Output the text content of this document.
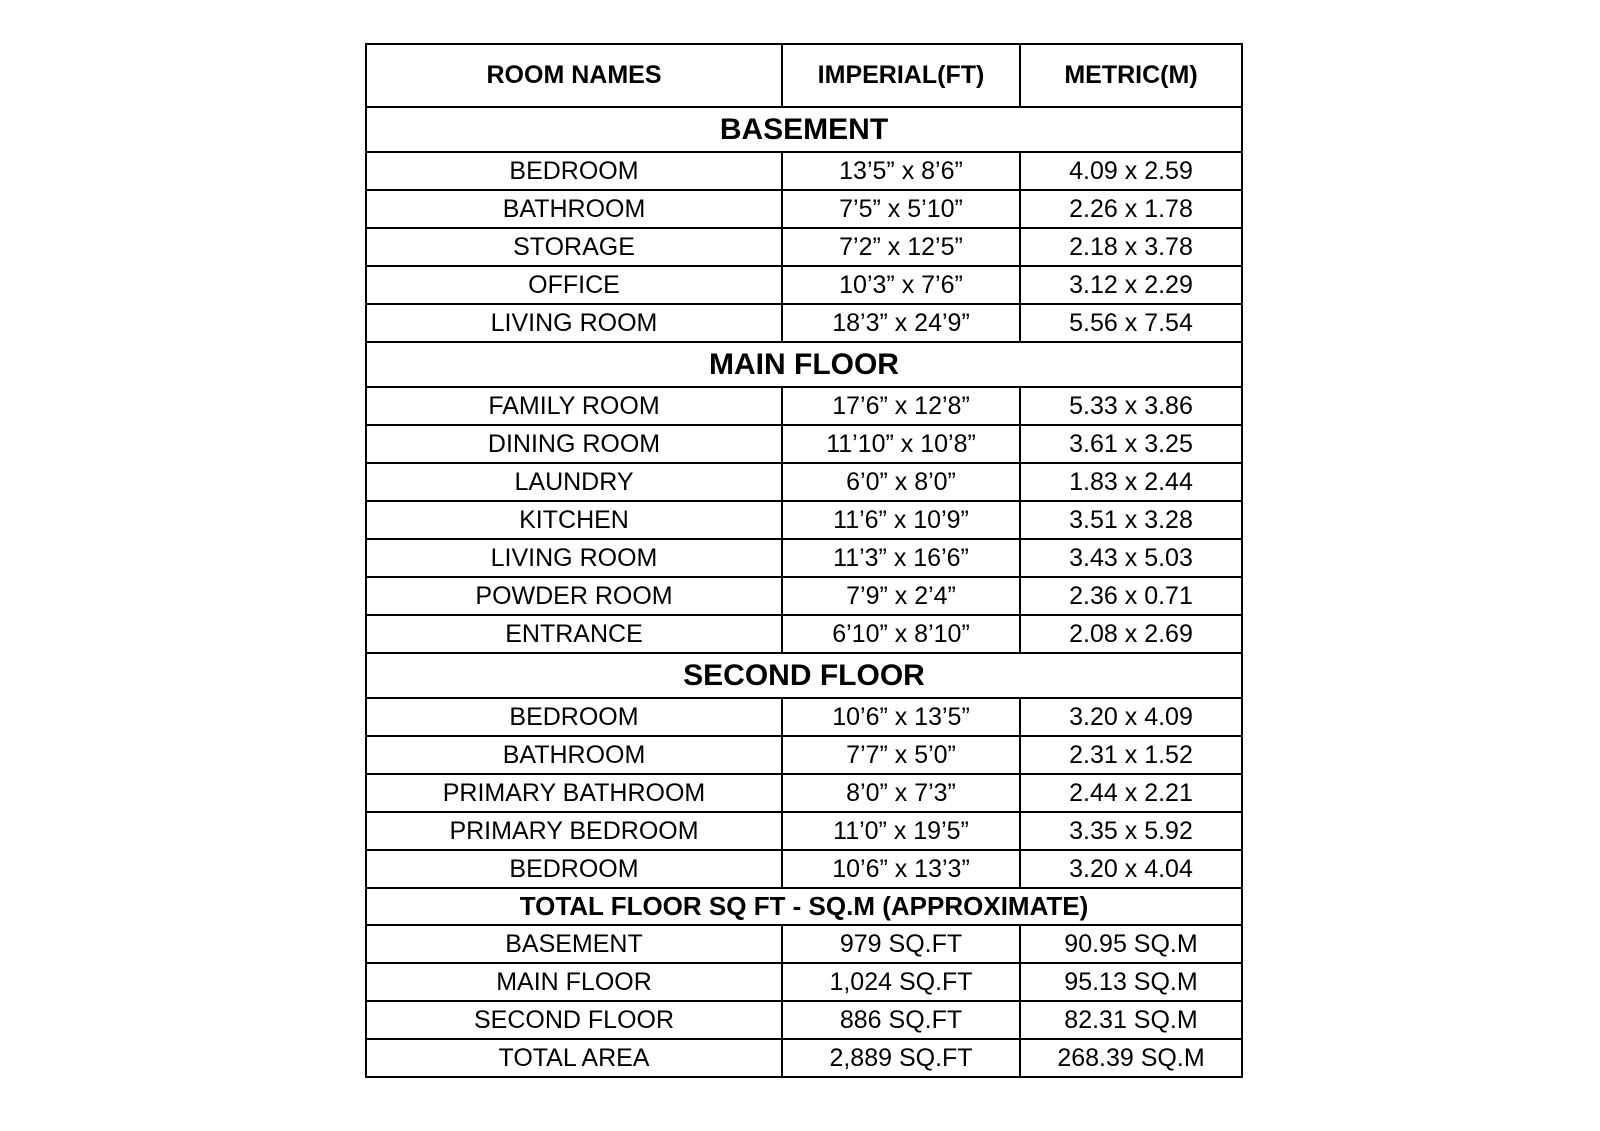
ROOM NAMES	IMPERIAL(FT)	METRIC(M)
BASEMENT		
BEDROOM	13’5” x 8’6”	4.09 x 2.59
BATHROOM	7’5” x 5’10”	2.26 x 1.78
STORAGE	7’2” x 12’5”	2.18 x 3.78
OFFICE	10’3” x 7’6”	3.12 x 2.29
LIVING ROOM	18’3” x 24’9”	5.56 x 7.54
MAIN FLOOR		
FAMILY ROOM	17’6” x 12’8”	5.33 x 3.86
DINING ROOM	11’10” x 10’8”	3.61 x 3.25
LAUNDRY	6’0” x 8’0”	1.83 x 2.44
KITCHEN	11’6” x 10’9”	3.51 x 3.28
LIVING ROOM	11’3” x 16’6”	3.43 x 5.03
POWDER ROOM	7’9” x 2’4”	2.36 x 0.71
ENTRANCE	6’10” x 8’10”	2.08 x 2.69
SECOND FLOOR		
BEDROOM	10’6” x 13’5”	3.20 x 4.09
BATHROOM	7’7” x 5’0”	2.31 x 1.52
PRIMARY BATHROOM	8’0” x 7’3”	2.44 x 2.21
PRIMARY BEDROOM	11’0” x 19’5”	3.35 x 5.92
BEDROOM	10’6” x 13’3”	3.20 x 4.04
TOTAL FLOOR SQ FT - SQ.M (APPROXIMATE)		
BASEMENT	979 SQ.FT	90.95 SQ.M
MAIN FLOOR	1,024 SQ.FT	95.13 SQ.M
SECOND FLOOR	886 SQ.FT	82.31 SQ.M
TOTAL AREA	2,889 SQ.FT	268.39 SQ.M
